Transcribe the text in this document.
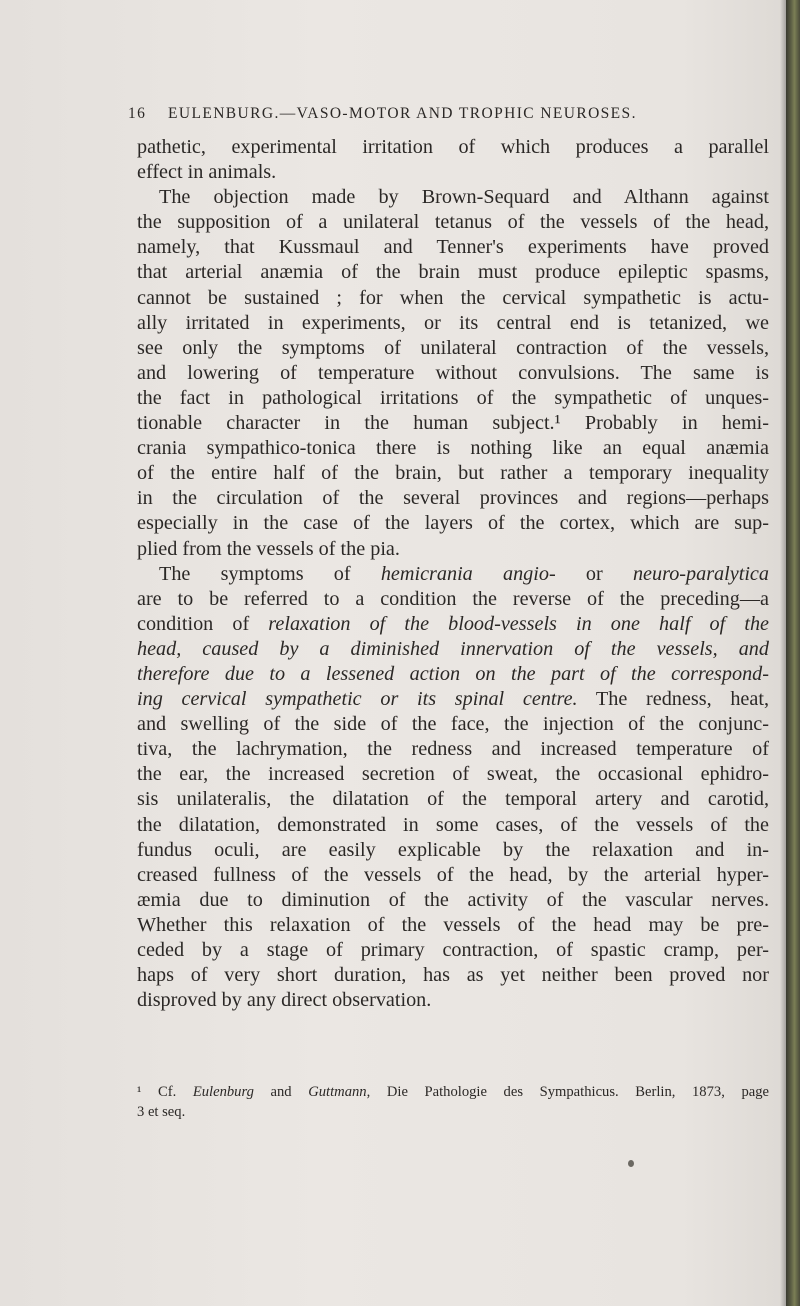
16 EULENBURG.—VASO-MOTOR AND TROPHIC NEUROSES.
pathetic, experimental irritation of which produces a parallel
effect in animals.
The objection made by Brown-Sequard and Althann against
the supposition of a unilateral tetanus of the vessels of the head,
namely, that Kussmaul and Tenner's experiments have proved
that arterial anæmia of the brain must produce epileptic spasms,
cannot be sustained ; for when the cervical sympathetic is actu-
ally irritated in experiments, or its central end is tetanized, we
see only the symptoms of unilateral contraction of the vessels,
and lowering of temperature without convulsions. The same is
the fact in pathological irritations of the sympathetic of unques-
tionable character in the human subject.¹ Probably in hemi-
crania sympathico-tonica there is nothing like an equal anæmia
of the entire half of the brain, but rather a temporary inequality
in the circulation of the several provinces and regions—perhaps
especially in the case of the layers of the cortex, which are sup-
plied from the vessels of the pia.
The symptoms of hemicrania angio- or neuro-paralytica
are to be referred to a condition the reverse of the preceding—a
condition of relaxation of the blood-vessels in one half of the
head, caused by a diminished innervation of the vessels, and
therefore due to a lessened action on the part of the correspond-
ing cervical sympathetic or its spinal centre. The redness, heat,
and swelling of the side of the face, the injection of the conjunc-
tiva, the lachrymation, the redness and increased temperature of
the ear, the increased secretion of sweat, the occasional ephidro-
sis unilateralis, the dilatation of the temporal artery and carotid,
the dilatation, demonstrated in some cases, of the vessels of the
fundus oculi, are easily explicable by the relaxation and in-
creased fullness of the vessels of the head, by the arterial hyper-
æmia due to diminution of the activity of the vascular nerves.
Whether this relaxation of the vessels of the head may be pre-
ceded by a stage of primary contraction, of spastic cramp, per-
haps of very short duration, has as yet neither been proved nor
disproved by any direct observation.
¹ Cf. Eulenburg and Guttmann, Die Pathologie des Sympathicus. Berlin, 1873, page
3 et seq.
